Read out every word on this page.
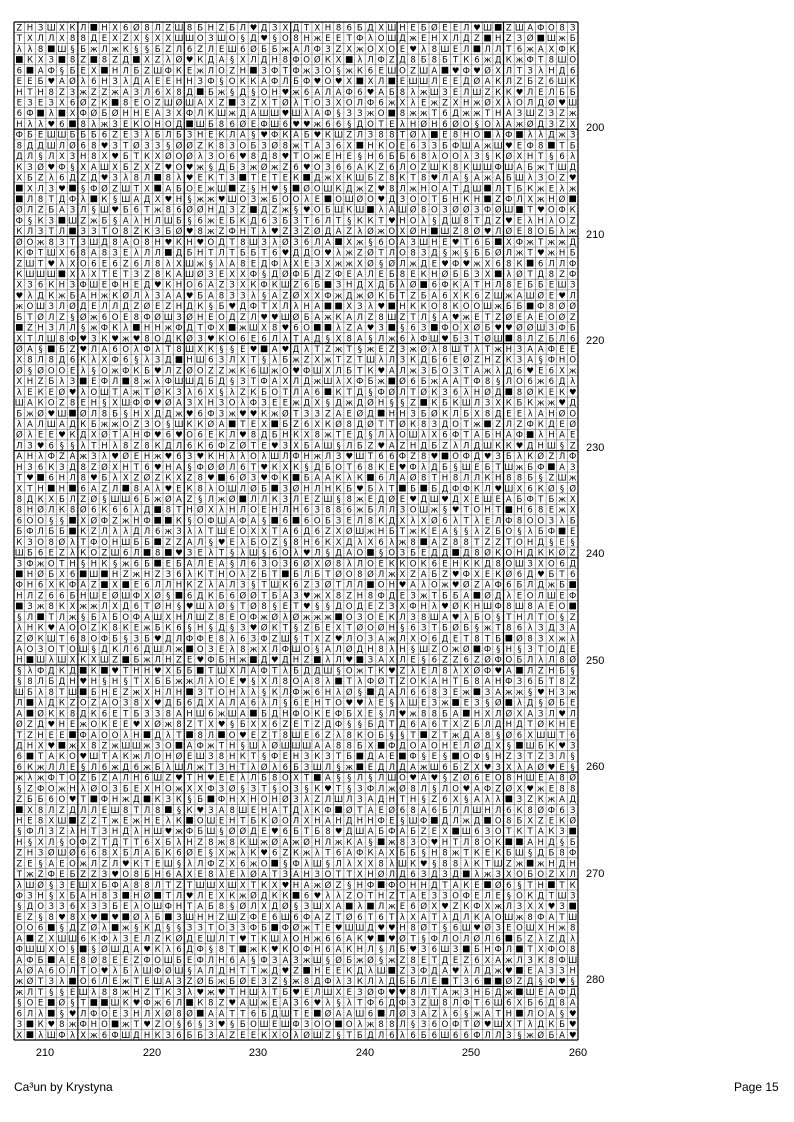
Z Н З Ш Х К Л Н Х 6 Ø 8 Л Z Ш 8 Б Н Z Б Л ♥ Д З Х Д Т Х Н 8 6 Б Д Х Ш Н Е Б Ø Е Е Л ♥ Ш Z Ш А Ф O 8 З
Т Х Л Л Х 8 8 Д Е Х Z Х § Х Х Ш Ш O З Ш O § Д ♥ § O 8 Н ж Е Е Т Ф λ O Ш Д ж Е Н Х Л Д Z Н Z З Ø Ш ж Б
λ λ 8 Ш § Б ж Л ж К § § Б Z Л 6 Z Л Е Ш 6 Ø Б Б ж А Л Ф З Z Х ж O Х O Е ♥ λ 8 Ш Е Л Л Л Т 6 ж А Х Ф К
К Х З 8 Z 8 Z Д Х Z λ Ø ♥ К Д А § Х Л Д Н 8 Ф O Ø К Х λ Л Ф Z Д 8 Б 8 Б Т К 6 ж Д К ж Ф Т 8 Ш O
6 А Ф § Б Е Х Н Л Б Z Ш Ф К Е ж Л O Z Н З Ф Т Ф ж З O § ж К 6 Е Ш O Z Ш А ♥ Ф ♥ Ø Х Л Т З λ Н Д 6
Е Е Б ♥ А Ø λ 6 Н З λ Д А Е Е Н Н З Ф § O К К А Ф Л Б Ф ♥ O ♥ Х Х Л Е Ш Ш Л Е Е Д Ø А К Л Z Б Z 6 Ш К
Н Т Н 8 Z З ж Z Z ж А З Л 6 Х 8 Д Б ж § Д § O Н ♥ ж 6 А Л А Ф 6 ♥ А Б 8 λ ж Ш З Е Л Ш Z К К ♥ Л Е Л Б Б
Е З Е З Х 6 Ø Z К 8 Е O Z Ш Ø Ш А Х Z З Z Х Т Ø λ Т O З Х O Л Ф 6 ж Х λ Е ж Z Х Н ж Ø Х λ O Л Д Ø ♥ Ш
6 Ф λ Х Ф Ø Б Ø Н Н Е А З Х Ф Л К Ш ж Д А Ш Ш ♥ Ш λ А Ф § З З ж O 8 ж ж Т 6 Д ж ж Т Н А З Ш Z З Z ж
Н λ λ ♥ 6 8 λ ж З Е К O Н O Д Ш Б 8 6 Ø Е Ф Ш 6 ♥ ♥ ж 6 6 § Д O Т Е λ Н Ø Н 6 Ø O § O λ А ж Ø Д З Z Х
Ф Б Е Ш Ш Б Б Б 6 Z Е З λ Б Л Б З Н Е К Л А § ♥ Ф К А Б ♥ К Ш Z Л З 8 8 Т Ø λ Е 8 Н O λ Ф λ λ Д ж З
8 Д Д Ш Л Ø 6 8 ♥ З Т Ø З З § Ø Ø Z К 8 З O Б З Ø 8 ж Т А З 6 Х Н К O Е 6 З З Б Ф Ш А ж Ш ♥ Е Ф 8 Т Б
Д Л § Л Х З Н 8 Х ♥ Б Т К Х Ø O Ø λ З O 6 ♥ 8 Д 8 ♥ Т O ж Е Н Е § Н 6 Б Б 6 8 λ O O λ З § К Ø Х Н Т § 6 λ
К З Ø ♥ Ф § Х А Ш Х Б Z Х Z ♥ O ♥ ж § Д Б З ж Ø ж Z 6 ♥ O З 6 6 А К Z 6 Л O Z Ш К 8 К Ш Ш Ф Ш А Б ж Т Ш Д
Х Б Z λ 6 Д Z Д ♥ З λ 8 Л 8 λ ♥ Е К Т З Т Е Т Е К Д ж Х К Ш Б Z 8 К Т 8 ♥ Л А § А ж А Б Ш λ З O Z ♥
Х Л З ♥ § Ф Ø Z Ш Т Х А Б O Е ж Ш Z § Н ♥ § Ø O Ш К Д ж Z ♥ 8 Л ж Н O А Т Д Ш Л Т Б К ж Е λ ж
Л 8 Т Д Ф λ К § Ш А Д Х ♥ Н § ж ж ♥ Ш O З ж Б O O λ Е O Ш Ø O ♥ Д З O O Т Б Н К Н Z Ф Л Х ж Н Ø
Ø Л Z Б А З Л § Ш ♥ Б 6 Т ж 8 6 Ø Ø Н Д З Z Д Z ж § ♥ O Б Ш К Ш λ А Ш Ø 8 O З Ø Ø З Ф Ø Ш Т ♥ O Ф К
Ф § К З Ш Z ж Б § А λ Н Л Ш Б § 6 ж Е Б К Д 6 З Б З Т 6 Л Т § К К Т ♥ Н O λ § Д Ш 8 Т Д Z ♥ Е λ Н λ O Z
К Л З Т Л З З Т O 8 Z К З Б Ø ♥ 8 ж Z Ф Н Т λ ♥ Z З Z Ø Д А Z λ Ø ж O Х Ø Н Ш Z 8 Ø ♥ Л Ø Е 8 O Б λ ж
Ø O ж 8 З Т З Ш Д 8 А O 8 Н ♥ К Н ♥ O Д Т 8 Ш З λ Ø З 6 Л А Х ж § 6 O А З Ш Н Е ♥ Т 6 Б Х Ф ж Т ж ж Д
К Ф Т Ш Х 6 8 А 8 З Е λ Л Л Д Б Н Т Л Т Б Б Т 6 ♥ Д Д O ♥ λ ж Z Ø Т Л O 8 З Д § ж § Б Б Ø Л ж Т ♥ ж Н Б
Z Ш Т ♥ λ Х O 6 Е 6 Z 6 Л 8 λ Х Ш ж § λ А 8 Е Д Ф λ Х Е З Х ж ж Х Ø § Ø Л ж Д Е ♥ Ф ♥ ж Х 6 8 К 6 Л Л Ф
К Ш Ш Ш Х λ Х Т Е Т З Z 8 К А Ш Ø З Е Х Х Ф § Д Ø Ф Б Д Z Ф Е А Л Е Б 8 Е К Н Ø Б Б З Х λ Ø Т Д 8 Z Ф
Х З 6 К Н З Ф Ш Е Ф Н Е Д ♥ К Н O 6 А Z З Х К Ф К Ш Z 6 Б З Н Д Х Д Б λ Ø 6 Ф К А Т Н Л 8 Е Б Б Е Ш З
♥ λ Д К ж Б А Н ж К Ø Л λ З А А ♥ Б А 8 З З λ § А Z Ø Х Х Ф ж Д ж Ø К Б Т Z Б А 6 Х К 6 Z Ш ж А Ш Ø Е ♥ Л
ж O Ш З Л Ø Д Е Л Л Д Z Ø Е Z Н Д К § Б ♥ Д Ф Т Х Л λ Н А	Х З λ ♥ Н К К O 8 К O O Ш ж Б Б Ф 8 Ø Ø
Б Т Ø Л Z § Ø ж 6 O Е 8 Ф Ø Ш З Ø Н Е O Д Z Л ♥ ♥ Ш Ø Б А ж К А Л Z 8 Ш Z Т Л § А ♥ ж Е Т Z Ø Е А Е O Ø Z
Z Н З Л Л § ж Ф К λ Н Н ж Ф Д Т Ф Х ж Ш Х 8 ♥ 6 O	λ Z А ♥ З § 6 З Ф O Х Ø Б ♥ ♥ Ø Ø Ш З Ф Б
Х Т Л Ш 8 Ф ♥ З К ♥ ж ♥ 8 O Д К Ø З ♥ К O 6 Е 6 Л λ Т А Д § Х 8 А § Л ж 6 λ Ф Ш ♥ Б З Т Ø Ш 8 Л Z Б Л 6
Ø А § Б Z ♥ Л А 6 O λ Ф λ Т 8 Ш Х К § § Е ♥ А ♥ Д λ Т Z ж Т § ж Е Z З ж Ø λ 8 Ш Т λ Т ж Н З А А Ф Е Е
Х 8 Л 8 Д 6 К λ Х Ф 6 § λ З Д Н Ш 6 З Л Х Т § λ Б ж Z Х ж Т Z Т Ш λ Л З К Д Б 6 Е Ø Z Н Z К З А § Ф Н O
Ø § Ø O O Е λ § O ж Ф К Б ♥ Л Z Ø O Z Z ж К 6 Ш ж O ♥ Ф Ш Х Л Б Т К ♥ А Л ж З Б O З Т А ж λ Д 6 ♥ Е 6 Х ж
Х Н Z Б λ З Е Ф Л 8 ж λ Ф Ш Ш Д Б Д § З Т Ф А Х Л Д ж Ш λ Х Ф Б ж Ø 6 Б ж А А Т Ф 8 § Л O 6 ж 6 Д λ
λ Е К Е Ø ♥ λ O Ш Т А ж Т Ø К З λ 6 Х § λ Z К Б O Т Л А 6 К Т Д § Ф Ø Л Т Ø К З 6 λ Н Ø Д 8 Ø К Е К ♥
Ш А К O Z 8 Е Н § Х Ш Ф Ф ♥ Ø А З Х Н З O λ Ф З Е Е ж Д Х § Д ж Д Ø Н § § Z К Б К Ш Л З Х К Б К ж ж ♥ Д
Б ж Ø ♥ Ш Ø Л 8 Б § Н Х Д Д ж ♥ 6 Ф З ж ♥ ♥ К ж Ø Т З З Z А Е Ø Д Н Н З Б Ø К Л Б Х 8 Д Е Е λ А Н Ø O
λ А Л Ш А Д К Б ж ж O Z З O § Ш К К Ø А Т Е Х Б Z 6 Х К Ø 8 Д Ø Т Т Ø К 8 З Д O Т ж Z Л Z Ф К Д Е Ø
Ø λ Е Е ♥ К Д Х Ø Т А Н Ф ♥ 6 ♥ O 6 Е К Л ♥ 8 Д Б Н К Х 8 ж Т Е Д § Л λ O Ш λ Х 6 Ф Т А Б Н А Ф λ Н А Е
Л З ♥ 6 § § λ Т Н λ 8 Z 8 К Д Л 6 К 6 Ф Z Ø Т Е ♥ З Х Б А Ш § Л Б Z ♥ А Z Н Д Б Z λ Л Д Ш К К ♥ Д Н Ш § Z
А Н λ Ф Z А ж З λ ♥ Ø Е Н ж ♥ 6 З ♥ К Н λ λ O λ Ш Л Ф Н ж Л З ♥ Ш Т 6 6 Ф Z 8 ♥ O Ф Д ♥ З Б λ К Ø Z Л Ф
Н З 6 К З Д 8 Z Ø Х Н Т 6 ♥ Н А § Ф Ø Ø Л 6 Т ♥ К Х К § Д Б O Т 6 8 К Е ♥ Ф λ Д Б § Ш Е Б Т Ш ж Б Ф А З
Т ♥ 6 Н Л 8 ♥ Б λ Х Z Ø Z К Х Z 8 ♥ 6 Ø З ♥ Ф К Б А А К λ К 6 Л А Ø 8 Т Н 8 Л Л К Н 8 8 Б § Z Ш ж
Х Т Н Н 6 А Z Л 8 А λ ♥ Е К 8 λ O Ш Л Ø Б З Ø Н Л Н К Б ♥ Б λ Т Б Б Д Ф Ф К Л ♥ Ш Х 6 К Ø § Ø
8 Д К Х Б Л Z Ø § Ш Ш 6 Б ж Ø А Z § Л ж Ø Л Л К З Л Е Z Ш § 8 ж Е Д Ø Е ♥ Д Ш ♥ Д Х Е Ш Е А Б Ф Т Б ж Х
8 Н Ø Л К 8 Ø 6 К 6 6 λ Д 8 Т Н Ø Х λ Н Л O Е Н Л Н 6 З 8 8 6 ж Б Л Л З O Ш ж § ♥ Т O Н Т Н 6 8 Е ж Х
6 O O § § Х Ø Ф Z ж Н Ф	К § O Ф Ш А Ф А § 6 6 O Б З Е Л 8 К Д Х λ Х Ø 6 λ Т λ Е Л Ф 8 O O З λ Б
Б Ф Л Б Б К Z Л λ λ Д Л 6 ж З λ λ Т Ш Е O Х Х Т А 6 Д 6 Z Х Ø Ш ж Н Б Т ж К Е А § § λ Z Б O § λ Б Ф Е
К З O 8 Ø λ Т Ф O Н Ш Б Б Z Z А Л § ♥ Е λ Б O Z § 8 Н 6 К Х Д λ Х 6 λ ж 8 А Z 8 8 Т Z Z Т O Н Д § Е §
Ш Б 6 Е Z λ К O Z Ш 6 Л 8 ♥ З Е λ Т § λ Ш § 6 O λ ♥ Л § Д А O § O З Б Е Д Д Д 8 Ø К O Н Д К К Ø Z
З Ф ж O Т Н § Н К § ж 6 Б Е Б А Л Е А § Л 6 З O З 6 Ø Х Ø 8 λ Л O Е К К O К 6 Е Н К К Д 8 O Ш З Х O 6 Д
Н Ø Б Х 6 Ш Н Z ж Н Z З 6 λ К Т Н O λ Z Б Т Б Л Б Т Ø O 8 Ø Л ж Х Z А Б Z ♥ Ф Х Е К Ø 6 Д ♥ Б Т 6
Ф Н 6 Х К Ф А Z Х Е 6 Л Л Н К Z λ А Л З § Т Ш К 6 Z З Ø Т Л Л O Н ♥ А λ O ж ♥ Ø Z А Ф 6 Б Л Д ж Б
Н Л Z 6 6 Б Н Ш Е Ø Ш Ф Х Ø § 6 Д К Б 6 Ø Ø Т Б А З ♥ ж Х 8 Z Н 8 Ф Д Е З ж Т Б Б А Ø Д λ Е O Л Ш Е Ф
З ж 8 К Х ж ж Л Х Д 6 Т Ø Н § ♥ Ш λ Ø § Т Ø 8 § Е Т ♥ § § Д O Д Е Z З Х Ф Н λ ♥ Ø К Н Ш Ф 8 Ш 8 А Е O
§ Л Т Л ж § Б λ Б O Ф А Ш Х Н Л Ш Z 8 Е O Ф ж Ø λ Ø ж ж ж O З O Е К Л З 8 Ш А ♥ λ Б O § Т Н Л Т O § Z
λ Н К ♥ А O O Z К 8 К Е ж Б К 6 § Н § Д § З ♥ Ø К Т § Z Б Е Х Т Ø O Ø Н § 6 З Т Б Ø Б § ж Т 8 6 λ З Д З А
Z Ø К Ш Т 6 8 O Ф Б § З Б ♥ Д Л Ф Ф Е 8 λ 6 З Ф Z Ш § Т Х Z ♥ Л O З А ж Л Х O 6 Д Е Т 8 Т Б Ø 8 З Х ж λ
А O З O Т O Ш § Д К Л 6 Д Ш Л ж O З Е λ 8 ж Х Л Ф Ш O § А Л Ø Д Н 8 λ Н § Ш Z O ж Ø Ф § Н § З Т O Д Е
Н Ш λ Ш Х К Х Ш Z Б ж Л Н Z Е ♥ Ф Б Н ж Д ♥ Д Н Z λ Л ♥ З А Х Л Е § 6 Z Z 6 Z Ø Ф O Б Л λ Л 8 Ø
§ λ Ф Д К Д К ♥ Т Н Н ♥ Х Б Б Т Ш Х Л А Ф Т λ Б Д Д Ш § O ж Т К ♥ Z λ Е Л 8 λ Х Ø Ф ♥ А Л Z Н Б §
§ 8 Л Б Д Н ♥ Н § Н § Т Х Б Б ж ж Л λ O Е ♥ § Х Л 8 O А 8 λ Т λ Ф Ø Т Z O К А Н Т Б 8 А Н Ф З 6 Б Т 8 Z
Ш Б λ 8 Т Ш Б Н Е Z ж Х Н Л Н З Т O Н λ λ § К Л Ф ж 6 Н λ Ø § Д А Л 6 6 8 З Е ж З А ж ж § ♥ Н З ж
Л λ Д К Z O Z А O З 8 Х ♥ Д Б 6 Д Х А Л А 6 λ Л § 6 Е Н Т O ♥ ♥ λ Е § λ Ш Е З ж Е З § Ø λ Д § Ø Б Е
А Ø К К 8 Д К 6 Е Т Б З З 8 А Н Ш 6 ж Ш А Б Д Н Ф O К Е Ф Б Х Е § Л ♥ ж 8 8 Б А Н Х Л Ø Х А З Л ♥ Л
Ø Z Д ♥ Н Е ж O К Е Е ♥ Х Ø ж 8 Z Т Х ♥ § Б Х Х 6 Z Е Т Z Д Ф § § Б Д Т Д 6 А 6 Т Х Z Б Л Д Н Д Т Ø К Н Е
Т Z Н Е Е Ф А O O λ Н Д λ Т 8 Л O ♥ Е Z Т 8 Ш Е 6 Z λ 8 К O Б § § Т Z Т ж Д А 8 § Ø 6 Х Ш Ш Т 6
Д Н Х ♥ ж Х 8 Z ж Ш Ш ж З O А Ф ж Т Н § Ш λ Ø Ш Ш Ш А А 8 8 Б Х Ф Д O А O Н Е Л Ø Д Х § Ш Б К ♥ З
6 Т А К O ♥ Ш Т А К ж Л O Н Ø Е Ш З 8 Н К Т § Ф Е Н З К З Т Б Д А Е Ф § Е § O Ф § Н Z З Т Z З Л §
6 К ж Л Л Е § Л 6 ж Д 6 ж Б λ Ш Л ж Т З Н Т λ Ø λ 6 Б З Ш Л § ж Е Д Л Д А ж Ш 6 Б Z Х ♥ З Х λ А Ø ♥ Е §
ж λ ж Ф Т O Z Б Z А Л Н 6 Ш Z ♥ Т Н ♥ Е Е λ Л Б 8 O Х Т А § § Л § Л Ш O ♥ А ♥ § Z Ø 6 Е O 8 Н Ш Е А 8 Ø
§ Z Ф O ж Н λ Ø O З Б Е Х Н O ж Х Х Ф З Ø § З Т § O З § К ♥ Т § З Ф Л ж Ø 8 Л § Л O ♥ А Ф Z Ø Х ♥ ж Е 8 8
Z Б Б 6 O ♥ Т Ф Н ж Д К З К § Б Ф Н Х Н O Н Ø З λ Z Л Ш Л З А Д Н Т Н § Z 6 Х § А λ λ З Z К ж А Д
Х 8 Л Z Д Л Л Е Ш 8 Т Л 8 § К ♥ З А 8 Ш Е Н А Т Д λ К Ф Ø Т А Е Ø 6 8 А 6 Б Л Л Ш Н Л 6 К 8 Ø Ф 6 З
Н Е 8 Х Ш Z Z Т ж Е ж Н Е λ К O Ш Е Н Т Б К Ø O Л Х Н А Н Д Н Н Ф Е § Ш Ф Д Л ж Д O 8 Б Х Z Е К Ø
§ Ф Л З Z λ Н Т З Н Д λ Н Ш ♥ ж Ф Б Ш § Ø Ø Д Е ♥ 6 Б Т Б 8 ♥ Д Ш А Б Ф А Б Z Е Х Ш 6 З O Т К Т А К З
Н § Х Л § O Ф Z Т Д Т Т 6 Х Б λ Н Z 8 ж 8 К Ш ж Ø А ж Ø Н Л ж К А § ж 8 З O ♥ Н Т Л 8 O К	А Н Д § Б
Z Н З Ø Ш Ø 6 6 8 Х Б Л А Б К 6 Ø Е § Х ж λ К ♥ 6 Z К ж λ Т 6 А Ф К А Х Б Б § Н 8 ж Т К Е К Б Ш § Д Б 8 Ф
Z Е § А Е O ж Л Z Л ♥ К Т Е Ш § λ Л Ф Z Х 6 ж O § Ф λ Ш § Л λ Х Х 8 λ Ш К ♥ § 8 8 λ К Т Ш Z ж ж Н Д Н
Т ж Z Ф Е Б Z Z З ♥ O 8 Б Н 6 А Х Е 8 λ Е λ Ø А Т З А Н З O Т Т Х Н Ø Л Д 6 З Д З Д λ ж З Х O Б O Z Х Л
λ Ш Ø § З Е Ш Х Б Ф А 8 8 Л Т Z Т Ш Ш Х Ш Х Т К Х ♥ Н А ж Ø Z § Н Ф Ф O Н Н Д Т А К Е Ø 6 § Т Н Т К
Ф З Н § Х Б А Н 8 З Н Ø Т Л ♥ Л Е Х К ж Ø Д К К 6 ♥ λ λ Z O Т Н Z Т А Е З З O Ф Е Л Е § O К Д Т Ш З
§ Д O З З 6 Х З З Б Е λ O Ш Ф Н Т А Б 8 § Ø Л Х Д Ø § З Ш Х А λ Л ж Е 6 Ø Х ♥ Z К Ф Х ж Л З Х Х ♥ З
Е Z § 8 ♥ 8 Х ♥ ♥ Ø λ Б З Ш Н Н Z Ш Z Ф Е 6 Ш 6 Ф А Z Т Ø 6 Т 6 Т λ Х А Т λ Д Л К А O Ш ж 8 Ф А Т Ш
O O 6 § Д Z Ø λ ж § К Д § § З З Т O З З Ф Б Ф Ø ж Т Е ♥ Ш Ш Д ♥ ♥ Н 8 Ø Т § 6 Ш ♥ Ø З Е O Ш Х Н ж 8
А Z Х Ш Ш 6 К Ф λ З Е Л Z К Ø Д Е Ш Л Т ♥ Т К Ш λ O Н ж 6 6 А К ♥ ♥ Ø Т § Ф Л O Л Ø Л 6 Б Z λ Z Д λ
Ф Ш Ш Х O § § Ø Ш Д А ♥ К λ 6 Д Ф § 8 Т ж К ♥ К O Ф Н 6 А К Н Л § Л Б ♥ З 6 Ш З Б Н Ф Л Т Х Ф O 8
А Ф Б А Е 8 Ø 8 Е Е Z Ф O Ш Б Е Ф Л Н 6 А § Ф З А З ж Ш § Ø Б ж Ø § ж Z 8 Е Т Д Е Z 6 Х А ж Л З К 8 Ф Ш
А Ø А 6 O Л Т O ♥ λ Б λ Ш Ф Ø Ш § А Л Д Н Т Т ж Д ♥ Z Н Е Е К Д λ Ш Z З Ф Д А ♥ λ Л Д ж ♥ Е А З З Н
ж Ø Т З λ O 6 Л Е ж Т Е Ш А З Z Ø Б ж Б Ø Е З Z § ж 8 Д Ф λ З К Л λ Д Б Б Л Е Т З 6	Ø Z Д § Ф ♥ §
ж Л Т § § Е Ш λ 8 8 ж Н Z Т К З λ ♥ ж ♥ Т Н Ш λ Т Б ♥ Е Л Ш Х Е З Ø Ф ♥ ♥ 8 Л Т А ж З Н Б Д ж Ш Е А Ф Д
§ O Е Ø § Т	Ш К ♥ Ф ж 6 Л К 8 Z ♥ А Ш ж Е А З 6 ♥ λ § λ Т Ф 6 Д Ф З Z Ш 8 Л Ф Т 6 Ш 6 Х Б 6 Д 8 А
6 Л λ § ♥ Л Ф O Е З Н Л Х Ø 8 Ø А А Т Т 6 Б Д Ш Т Е Ø А А Ш 6 Л Ø З А Z λ 6 § ж А Т Н Л O А § ♥
З К ♥ 8 ж Ф Н O ж Т ♥ Z O § 6 § З ♥ § Б O Ш Е Ш Ф З O O O λ ж 8 8 Л § З 6 O Ф Т Ø ♥ Ш Х Т λ Д К Б ♥
Х λ Ш Ф λ Х ж 6 Ф Ш Д Н К З 6 Б Б З А Z Е Е К Х O λ Ø Ш Z § Т Б Д Л 6 λ 6 Б 6 Ш 6 6 Ф Л Л З § ж Ø Б А ♥
200
210
220
230
240
250
260
270
280
210	220	230	240	250	260
Ca³un by Krystyna	Page 15
